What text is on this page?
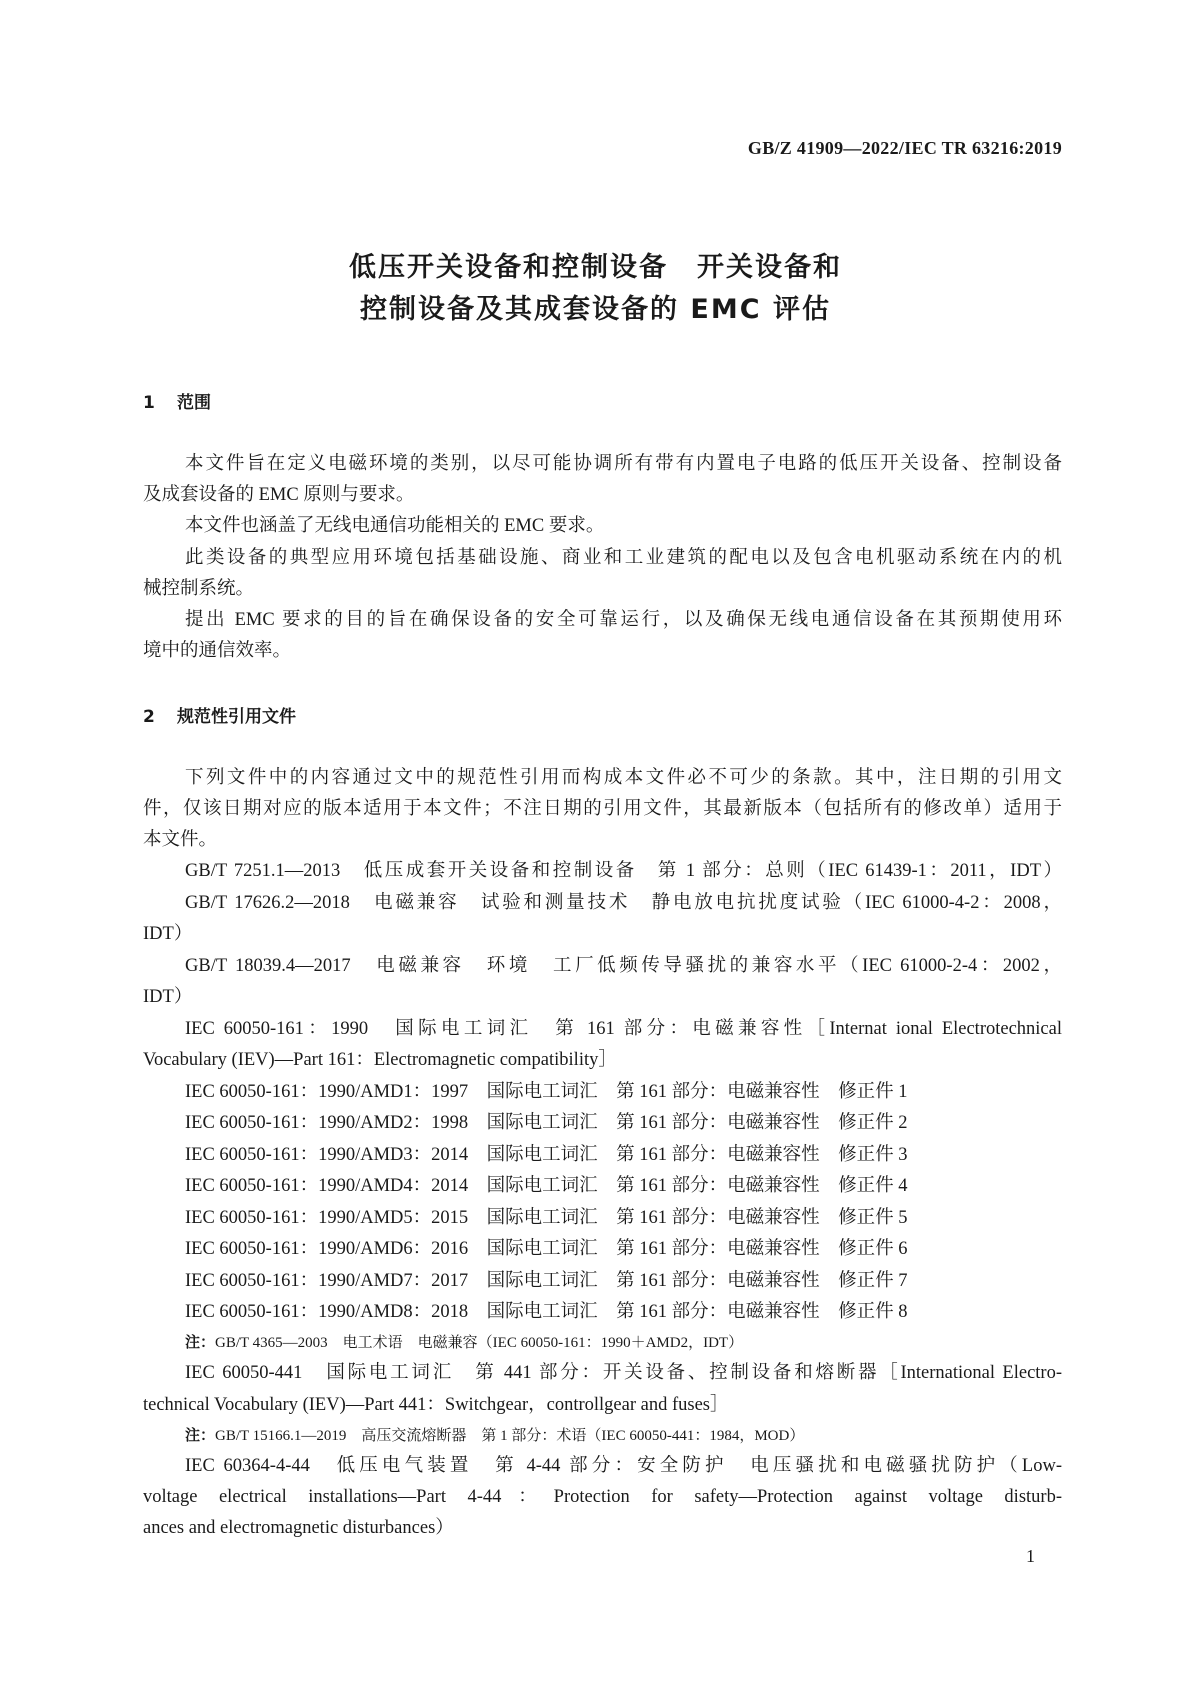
GB/Z 41909—2022/IEC TR 63216:2019
低压开关设备和控制设备　开关设备和
控制设备及其成套设备的 EMC 评估
1 范围
2 规范性引用文件
本文件旨在定义电磁环境的类别，以尽可能协调所有带有内置电子电路的低压开关设备、控制设备
及成套设备的 EMC 原则与要求。
本文件也涵盖了无线电通信功能相关的 EMC 要求。
此类设备的典型应用环境包括基础设施、商业和工业建筑的配电以及包含电机驱动系统在内的机
械控制系统。
提出 EMC 要求的目的旨在确保设备的安全可靠运行，以及确保无线电通信设备在其预期使用环
境中的通信效率。
下列文件中的内容通过文中的规范性引用而构成本文件必不可少的条款。其中，注日期的引用文
件，仅该日期对应的版本适用于本文件；不注日期的引用文件，其最新版本（包括所有的修改单）适用于
本文件。
GB/T 7251.1—2013　低压成套开关设备和控制设备　第 1 部分：总则（IEC 61439-1：2011，IDT）
GB/T 17626.2—2018　电磁兼容　试验和测量技术　静电放电抗扰度试验（IEC 61000-4-2：2008，
IDT）
GB/T 18039.4—2017　电磁兼容　环境　工厂低频传导骚扰的兼容水平（IEC 61000-2-4：2002，
IDT）
IEC 60050-161：1990　国际电工词汇　第 161 部分：电磁兼容性［Internat ional Electrotechnical
Vocabulary (IEV)—Part 161：Electromagnetic compatibility］
IEC 60050-161：1990/AMD1：1997　国际电工词汇　第 161 部分：电磁兼容性　修正件 1
IEC 60050-161：1990/AMD2：1998　国际电工词汇　第 161 部分：电磁兼容性　修正件 2
IEC 60050-161：1990/AMD3：2014　国际电工词汇　第 161 部分：电磁兼容性　修正件 3
IEC 60050-161：1990/AMD4：2014　国际电工词汇　第 161 部分：电磁兼容性　修正件 4
IEC 60050-161：1990/AMD5：2015　国际电工词汇　第 161 部分：电磁兼容性　修正件 5
IEC 60050-161：1990/AMD6：2016　国际电工词汇　第 161 部分：电磁兼容性　修正件 6
IEC 60050-161：1990/AMD7：2017　国际电工词汇　第 161 部分：电磁兼容性　修正件 7
IEC 60050-161：1990/AMD8：2018　国际电工词汇　第 161 部分：电磁兼容性　修正件 8
注：GB/T 4365—2003　电工术语　电磁兼容（IEC 60050-161：1990＋AMD2，IDT）
IEC 60050-441　国际电工词汇　第 441 部分：开关设备、控制设备和熔断器［International Electro-
technical Vocabulary (IEV)—Part 441：Switchgear，controllgear and fuses］
注：GB/T 15166.1—2019　高压交流熔断器　第 1 部分：术语（IEC 60050-441：1984，MOD）
IEC 60364-4-44　低压电气装置　第 4-44 部分：安全防护　电压骚扰和电磁骚扰防护（Low-
voltage electrical installations—Part 4-44：Protection for safety—Protection against voltage disturb-
ances and electromagnetic disturbances）
1
